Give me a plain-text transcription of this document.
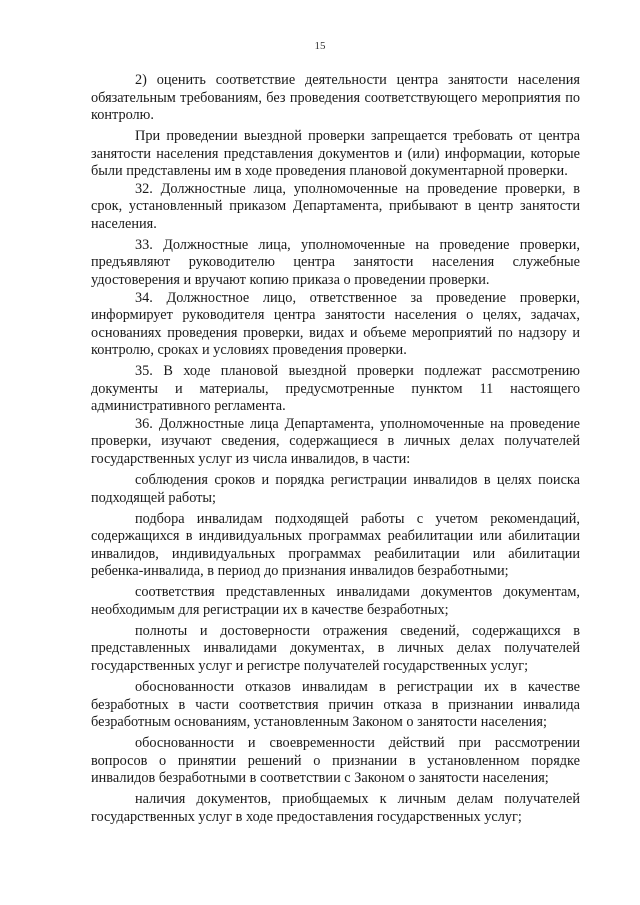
15

2) оценить соответствие деятельности центра занятости населения обязательным требованиям, без проведения соответствующего мероприятия по контролю.

При проведении выездной проверки запрещается требовать от центра занятости населения представления документов и (или) информации, которые были представлены им в ходе проведения плановой документарной проверки.

32. Должностные лица, уполномоченные на проведение проверки, в срок, установленный приказом Департамента, прибывают в центр занятости населения.

33. Должностные лица, уполномоченные на проведение проверки, предъявляют руководителю центра занятости населения служебные удостоверения и вручают копию приказа о проведении проверки.

34. Должностное лицо, ответственное за проведение проверки, информирует руководителя центра занятости населения о целях, задачах, основаниях проведения проверки, видах и объеме мероприятий по надзору и контролю, сроках и условиях проведения проверки.

35. В ходе плановой выездной проверки подлежат рассмотрению документы и материалы, предусмотренные пунктом 11 настоящего административного регламента.

36. Должностные лица Департамента, уполномоченные на проведение проверки, изучают сведения, содержащиеся в личных делах получателей государственных услуг из числа инвалидов, в части:

соблюдения сроков и порядка регистрации инвалидов в целях поиска подходящей работы;

подбора инвалидам подходящей работы с учетом рекомендаций, содержащихся в индивидуальных программах реабилитации или абилитации инвалидов, индивидуальных программах реабилитации или абилитации ребенка-инвалида, в период до признания инвалидов безработными;

соответствия представленных инвалидами документов документам, необходимым для регистрации их в качестве безработных;

полноты и достоверности отражения сведений, содержащихся в представленных инвалидами документах, в личных делах получателей государственных услуг и регистре получателей государственных услуг;

обоснованности отказов инвалидам в регистрации их в качестве безработных в части соответствия причин отказа в признании инвалида безработным основаниям, установленным Законом о занятости населения;

обоснованности и своевременности действий при рассмотрении вопросов о принятии решений о признании в установленном порядке инвалидов безработными в соответствии с Законом о занятости населения;

наличия документов, приобщаемых к личным делам получателей государственных услуг в ходе предоставления государственных услуг;
